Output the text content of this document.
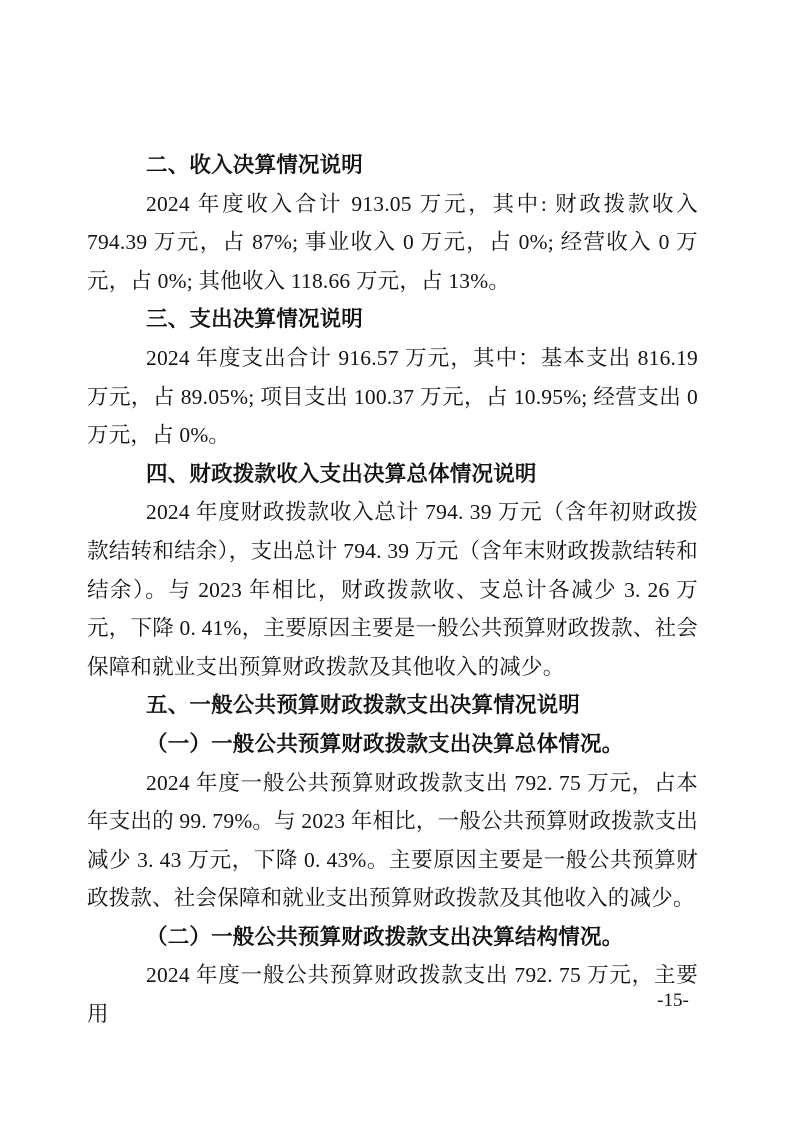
二、收入决算情况说明
2024 年度收入合计 913.05 万元，其中: 财政拨款收入 794.39 万元，占 87%; 事业收入 0 万元，占 0%; 经营收入 0 万元，占 0%; 其他收入 118.66 万元，占 13%。
三、支出决算情况说明
2024 年度支出合计 916.57 万元，其中：基本支出 816.19 万元，占 89.05%; 项目支出 100.37 万元，占 10.95%; 经营支出 0 万元，占 0%。
四、财政拨款收入支出决算总体情况说明
2024 年度财政拨款收入总计 794. 39 万元（含年初财政拨款结转和结余），支出总计 794. 39 万元（含年末财政拨款结转和结余）。与 2023 年相比，财政拨款收、支总计各减少 3. 26 万元，下降 0. 41%，主要原因主要是一般公共预算财政拨款、社会保障和就业支出预算财政拨款及其他收入的减少。
五、一般公共预算财政拨款支出决算情况说明
（一）一般公共预算财政拨款支出决算总体情况。
2024 年度一般公共预算财政拨款支出 792. 75 万元，占本年支出的 99. 79%。与 2023 年相比，一般公共预算财政拨款支出减少 3. 43 万元，下降 0. 43%。主要原因主要是一般公共预算财政拨款、社会保障和就业支出预算财政拨款及其他收入的减少。
（二）一般公共预算财政拨款支出决算结构情况。
2024 年度一般公共预算财政拨款支出 792. 75 万元，主要用
-15-
